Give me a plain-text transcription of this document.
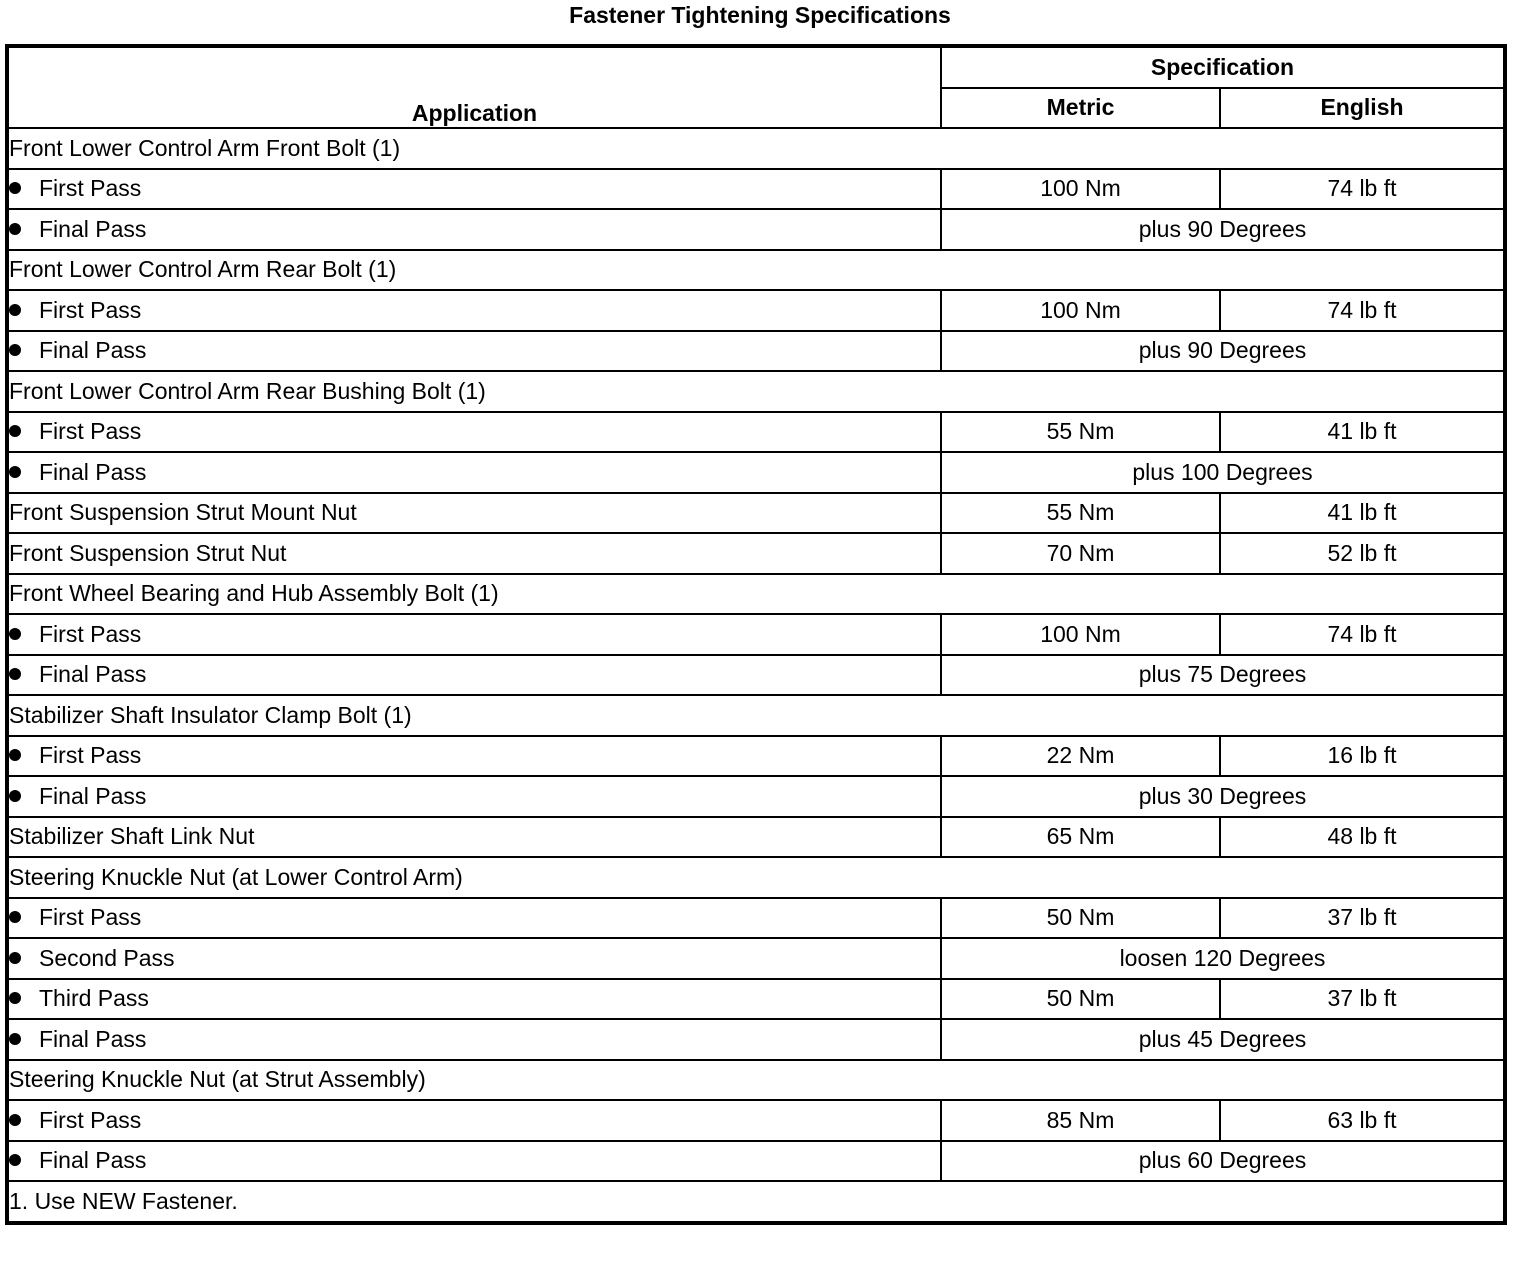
Fastener Tightening Specifications
Application	Specification	
	Metric	English
Front Lower Control Arm Front Bolt (1)		
First Pass	100 Nm	74 lb ft
Final Pass	plus 90 Degrees	
Front Lower Control Arm Rear Bolt (1)		
First Pass	100 Nm	74 lb ft
Final Pass	plus 90 Degrees	
Front Lower Control Arm Rear Bushing Bolt (1)		
First Pass	55 Nm	41 lb ft
Final Pass	plus 100 Degrees	
Front Suspension Strut Mount Nut	55 Nm	41 lb ft
Front Suspension Strut Nut	70 Nm	52 lb ft
Front Wheel Bearing and Hub Assembly Bolt (1)		
First Pass	100 Nm	74 lb ft
Final Pass	plus 75 Degrees	
Stabilizer Shaft Insulator Clamp Bolt (1)		
First Pass	22 Nm	16 lb ft
Final Pass	plus 30 Degrees	
Stabilizer Shaft Link Nut	65 Nm	48 lb ft
Steering Knuckle Nut (at Lower Control Arm)		
First Pass	50 Nm	37 lb ft
Second Pass	loosen 120 Degrees	
Third Pass	50 Nm	37 lb ft
Final Pass	plus 45 Degrees	
Steering Knuckle Nut (at Strut Assembly)		
First Pass	85 Nm	63 lb ft
Final Pass	plus 60 Degrees	
1. Use NEW Fastener.		
